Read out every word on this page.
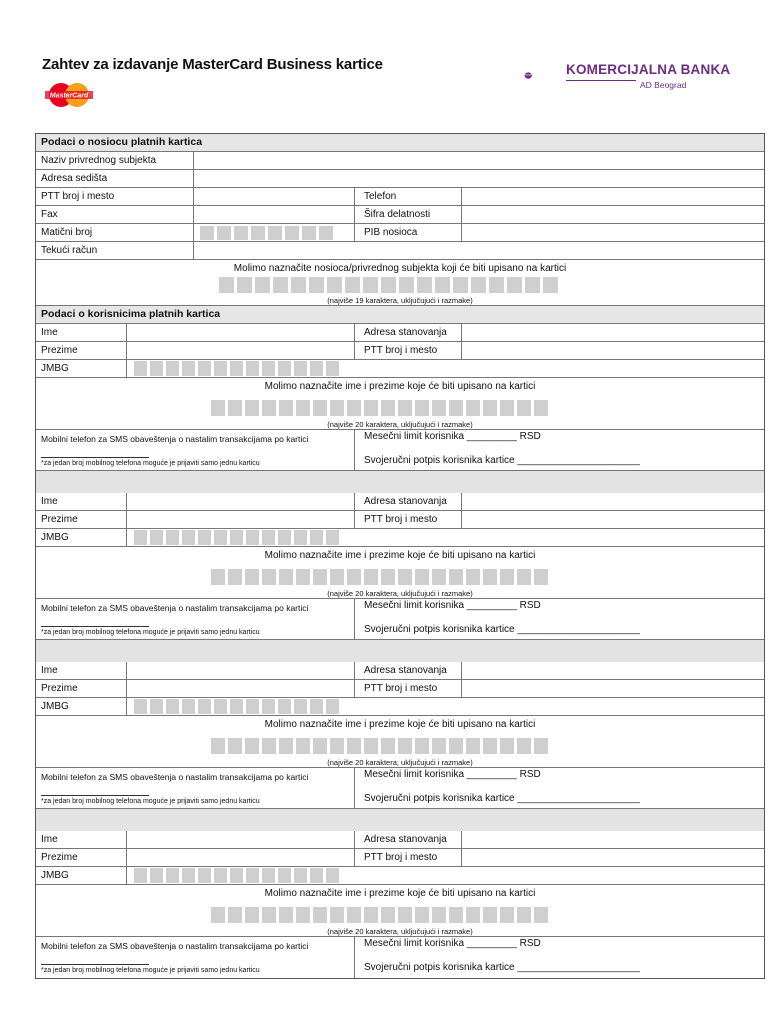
Zahtev za izdavanje MasterCard Business kartice
MasterCard
KOMERCIJALNA BANKA
AD Beograd
Podaci o nosiocu platnih kartica
Naziv privrednog subjekta
Adresa sedišta
PTT broj i mesto	Telefon
Fax	Šifra delatnosti
Matični broj	PIB nosioca
Tekući račun
Molimo naznačite nosioca/privrednog subjekta koji će biti upisano na kartici
(najviše 19 karaktera, uključujući i razmake)
Podaci o korisnicima platnih kartica
Ime	Adresa stanovanja
Prezime	PTT broj i mesto
JMBG
Molimo naznačite ime i prezime koje će biti upisano na kartici
(najviše 20 karaktera, uključujući i razmake)
Mobilni telefon za SMS obaveštenja o nastalim transakcijama po kartici
*za jedan broj mobilnog telefona moguće je prijaviti samo jednu karticu
Mesečni limit korisnika _________ RSD
Svojeručni potpis korisnika kartice ______________________
Ime	Adresa stanovanja
Prezime	PTT broj i mesto
JMBG
Molimo naznačite ime i prezime koje će biti upisano na kartici
(najviše 20 karaktera, uključujući i razmake)
Mobilni telefon za SMS obaveštenja o nastalim transakcijama po kartici
*za jedan broj mobilnog telefona moguće je prijaviti samo jednu karticu
Mesečni limit korisnika _________ RSD
Svojeručni potpis korisnika kartice ______________________
Ime	Adresa stanovanja
Prezime	PTT broj i mesto
JMBG
Molimo naznačite ime i prezime koje će biti upisano na kartici
(najviše 20 karaktera, uključujući i razmake)
Mobilni telefon za SMS obaveštenja o nastalim transakcijama po kartici
*za jedan broj mobilnog telefona moguće je prijaviti samo jednu karticu
Mesečni limit korisnika _________ RSD
Svojeručni potpis korisnika kartice ______________________
Ime	Adresa stanovanja
Prezime	PTT broj i mesto
JMBG
Molimo naznačite ime i prezime koje će biti upisano na kartici
(najviše 20 karaktera, uključujući i razmake)
Mobilni telefon za SMS obaveštenja o nastalim transakcijama po kartici
*za jedan broj mobilnog telefona moguće je prijaviti samo jednu karticu
Mesečni limit korisnika _________ RSD
Svojeručni potpis korisnika kartice ______________________
